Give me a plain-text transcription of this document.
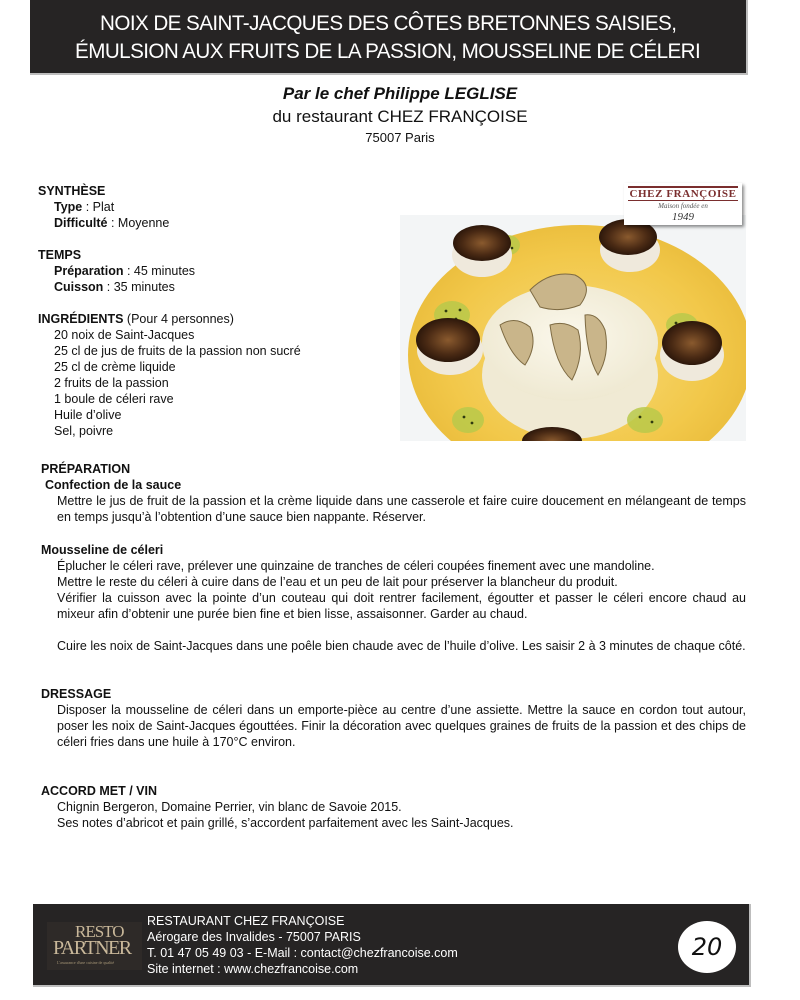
NOIX DE SAINT-JACQUES DES CÔTES BRETONNES SAISIES,
ÉMULSION AUX FRUITS DE LA PASSION, MOUSSELINE DE CÉLERI
Par le chef Philippe LEGLISE
du restaurant CHEZ FRANÇOISE
75007 Paris
SYNTHÈSE
Type : Plat
Difficulté : Moyenne
TEMPS
Préparation : 45 minutes
Cuisson : 35 minutes
INGRÉDIENTS (Pour 4 personnes)
20 noix de Saint-Jacques
25 cl de jus de fruits de la passion non sucré
25 cl de crème liquide
2 fruits de la passion
1 boule de céleri rave
Huile d’olive
Sel, poivre
CHEZ FRANÇOISE
Maison fondée en
1949
PRÉPARATION
Confection de la sauce

Mettre le jus de fruit de la passion et la crème liquide dans une casserole et faire cuire doucement en mélangeant de temps en temps jusqu’à l’obtention d’une sauce bien nappante. Réserver.

Mousseline de céleri

Éplucher le céleri rave, prélever une quinzaine de tranches de céleri coupées finement avec une mandoline.

Mettre le reste du céleri à cuire dans de l’eau et un peu de lait pour préserver la blancheur du produit.

Vérifier la cuisson avec la pointe d’un couteau qui doit rentrer facilement, égoutter et passer le céleri encore chaud au mixeur afin d’obtenir une purée bien fine et bien lisse, assaisonner. Garder au chaud.

Cuire les noix de Saint-Jacques dans une poêle bien chaude avec de l’huile d’olive. Les saisir 2 à 3 minutes de chaque côté.

DRESSAGE

Disposer la mousseline de céleri dans un emporte-pièce au centre d’une assiette. Mettre la sauce en cordon tout autour, poser les noix de Saint-Jacques égouttées. Finir la décoration avec quelques graines de fruits de la passion et des chips de céleri fries dans une huile à 170°C environ.

ACCORD MET / VIN

Chignin Bergeron, Domaine Perrier, vin blanc de Savoie 2015.

Ses notes d’abricot et pain grillé, s’accordent parfaitement avec les Saint-Jacques.

RESTO
PARTNER
L'assurance d'une cuisine de qualité
RESTAURANT CHEZ FRANÇOISE
Aérogare des Invalides - 75007 PARIS
T. 01 47 05 49 03 - E-Mail : contact@chezfrancoise.com
Site internet : www.chezfrancoise.com
20
